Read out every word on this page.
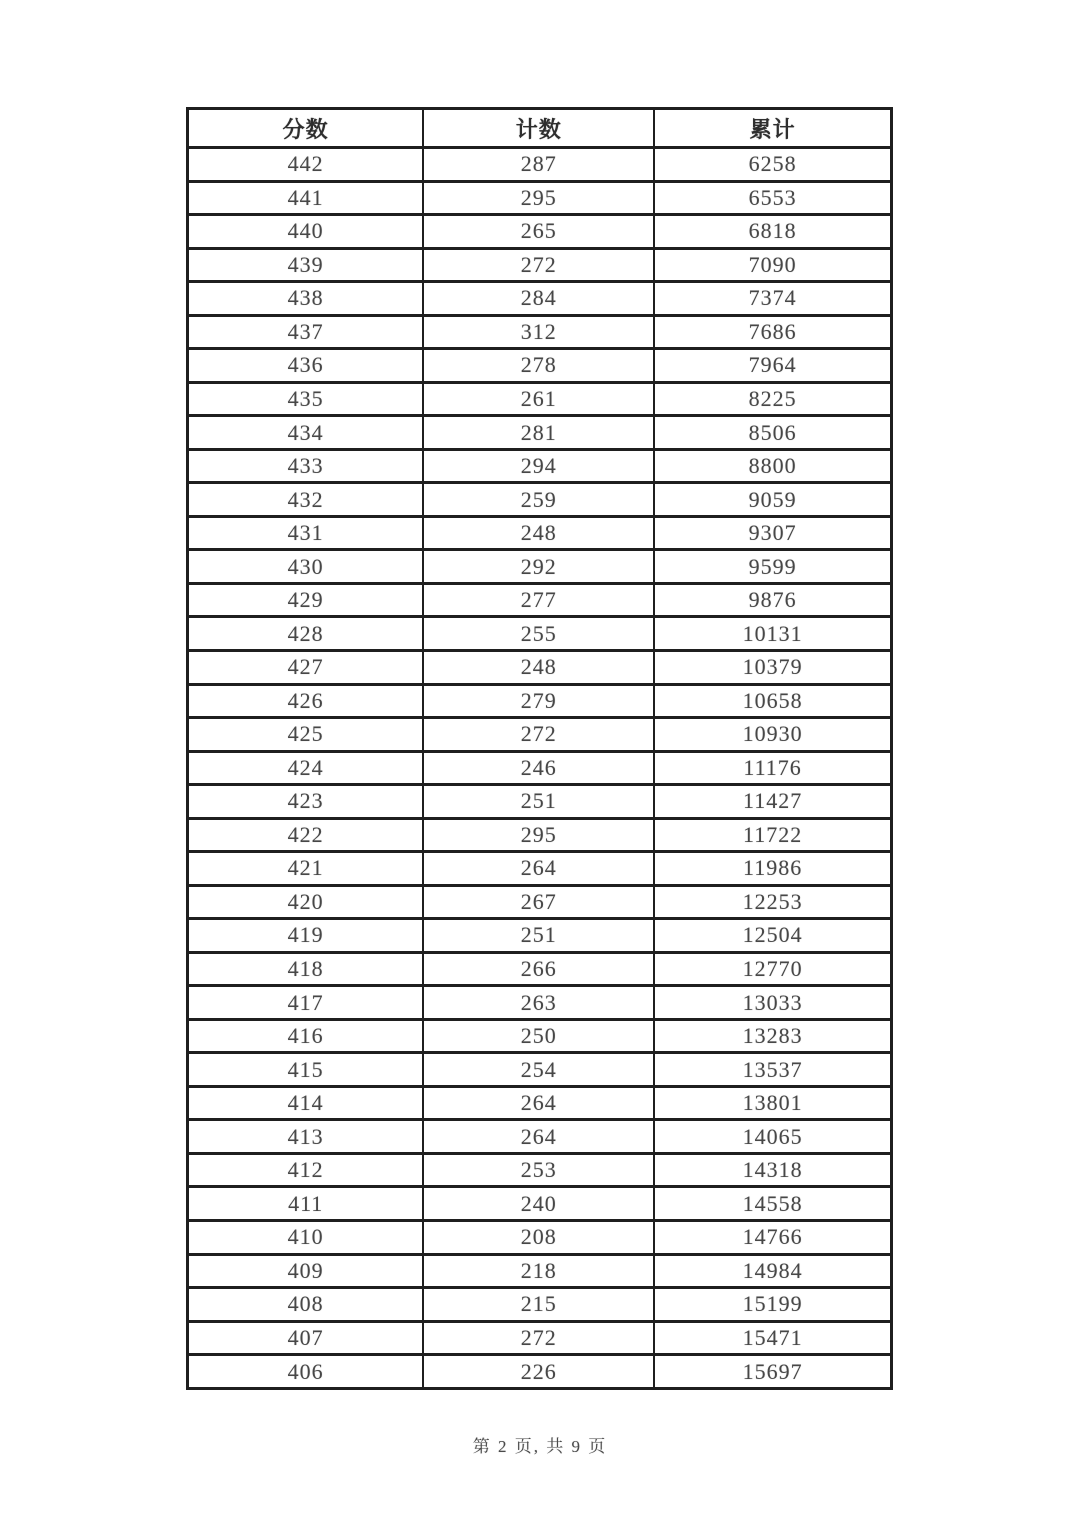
分数	计数	累计
442	287	6258
441	295	6553
440	265	6818
439	272	7090
438	284	7374
437	312	7686
436	278	7964
435	261	8225
434	281	8506
433	294	8800
432	259	9059
431	248	9307
430	292	9599
429	277	9876
428	255	10131
427	248	10379
426	279	10658
425	272	10930
424	246	11176
423	251	11427
422	295	11722
421	264	11986
420	267	12253
419	251	12504
418	266	12770
417	263	13033
416	250	13283
415	254	13537
414	264	13801
413	264	14065
412	253	14318
411	240	14558
410	208	14766
409	218	14984
408	215	15199
407	272	15471
406	226	15697
第 2 页, 共 9 页
